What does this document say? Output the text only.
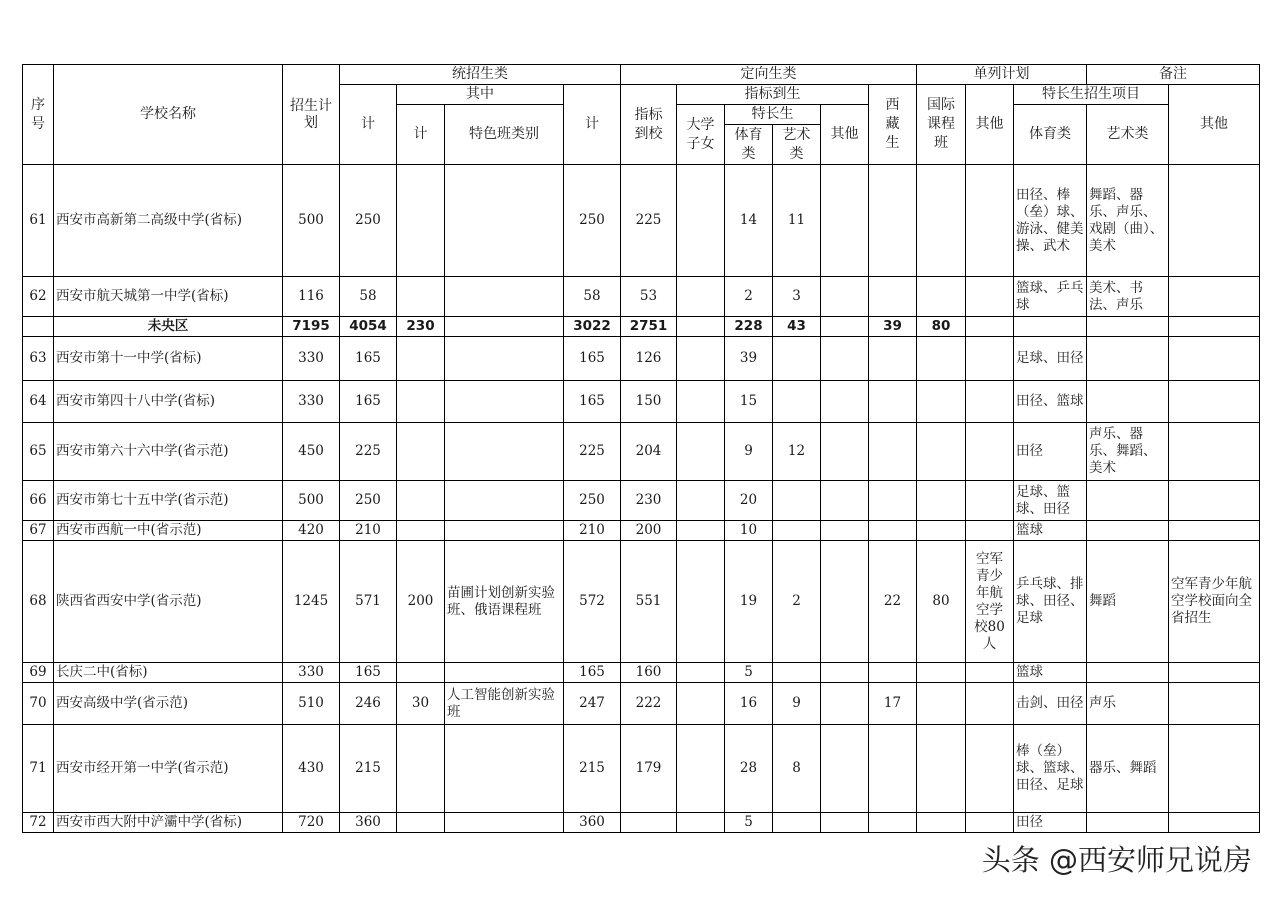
序号	学校名称	招生计划	统招生类				定向生类						单列计划			备注	
			计	其中		计	指标到校	指标到生				西藏生	国际课程班	其他	特长生招生项目		其他
				计	特色班类别			大学子女	特长生		其他				体育类	艺术类	
									体育类	艺术类							
61	西安市高新第二高级中学(省标)	500	250			250	225		14	11					田径、棒（垒）球、游泳、健美操、武术	舞蹈、器乐、声乐、戏剧（曲）、美术	
62	西安市航天城第一中学(省标)	116	58			58	53		2	3					篮球、乒乓球	美术、书法、声乐	
	未央区	7195	4054	230		3022	2751		228	43		39	80				
63	西安市第十一中学(省标)	330	165			165	126		39						足球、田径		
64	西安市第四十八中学(省标)	330	165			165	150		15						田径、篮球		
65	西安市第六十六中学(省示范)	450	225			225	204		9	12					田径	声乐、器乐、舞蹈、美术	
66	西安市第七十五中学(省示范)	500	250			250	230		20						足球、篮球、田径		
67	西安市西航一中(省示范)	420	210			210	200		10						篮球		
68	陕西省西安中学(省示范)	1245	571	200	苗圃计划创新实验班、俄语课程班	572	551		19	2		22	80	空军青少年航空学校80人	乒乓球、排球、田径、足球	舞蹈	空军青少年航空学校面向全省招生
69	长庆二中(省标)	330	165			165	160		5						篮球		
70	西安高级中学(省示范)	510	246	30	人工智能创新实验班	247	222		16	9		17			击剑、田径	声乐	
71	西安市经开第一中学(省示范)	430	215			215	179		28	8					棒（垒）球、篮球、田径、足球	器乐、舞蹈	
72	西安市西大附中浐灞中学(省标)	720	360			360			5						田径		
头条 @西安师兄说房
